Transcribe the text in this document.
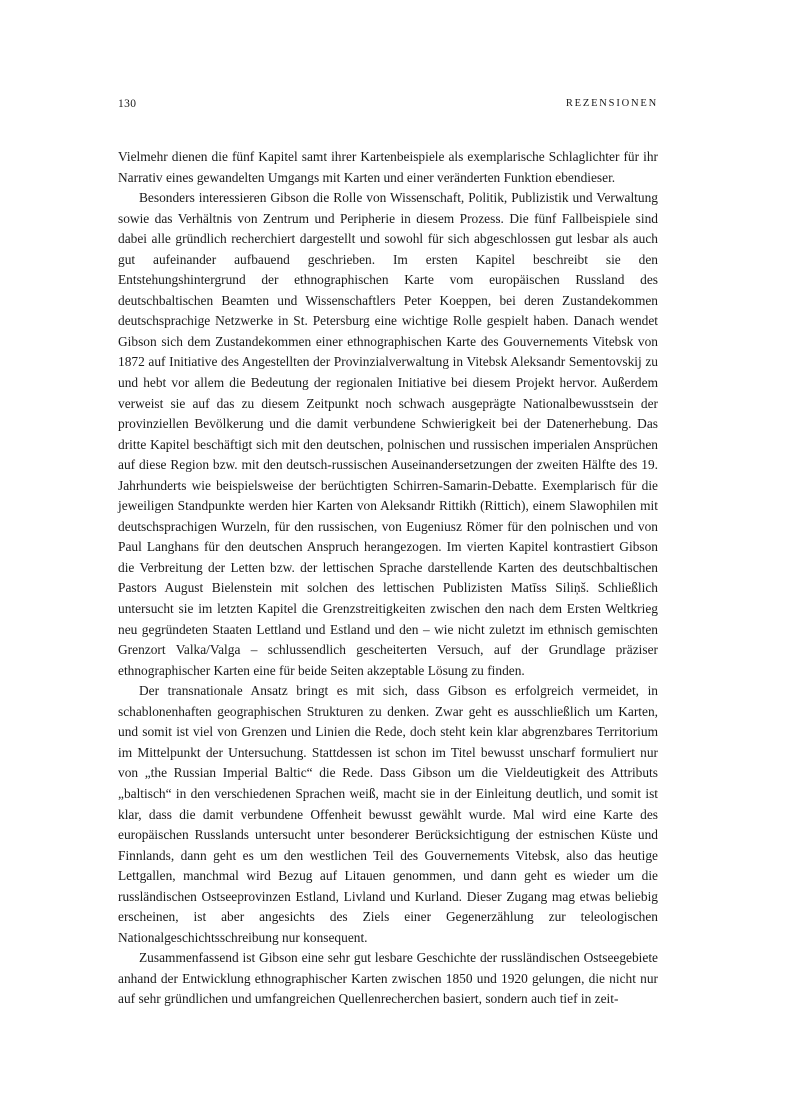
130	REZENSIONEN

Vielmehr dienen die fünf Kapitel samt ihrer Kartenbeispiele als exemplarische Schlaglichter für ihr Narrativ eines gewandelten Umgangs mit Karten und einer veränderten Funktion ebendieser.

Besonders interessieren Gibson die Rolle von Wissenschaft, Politik, Publizistik und Verwaltung sowie das Verhältnis von Zentrum und Peripherie in diesem Prozess. Die fünf Fallbeispiele sind dabei alle gründlich recherchiert dargestellt und sowohl für sich abgeschlossen gut lesbar als auch gut aufeinander aufbauend geschrieben. Im ersten Kapitel beschreibt sie den Entstehungshintergrund der ethnographischen Karte vom europäischen Russland des deutschbaltischen Beamten und Wissenschaftlers Peter Koeppen, bei deren Zustandekommen deutschsprachige Netzwerke in St. Petersburg eine wichtige Rolle gespielt haben. Danach wendet Gibson sich dem Zustandekommen einer ethnographischen Karte des Gouvernements Vitebsk von 1872 auf Initiative des Angestellten der Provinzialverwaltung in Vitebsk Aleksandr Sementovskij zu und hebt vor allem die Bedeutung der regionalen Initiative bei diesem Projekt hervor. Außerdem verweist sie auf das zu diesem Zeitpunkt noch schwach ausgeprägte Nationalbewusstsein der provinziellen Bevölkerung und die damit verbundene Schwierigkeit bei der Datenerhebung. Das dritte Kapitel beschäftigt sich mit den deutschen, polnischen und russischen imperialen Ansprüchen auf diese Region bzw. mit den deutsch-russischen Auseinandersetzungen der zweiten Hälfte des 19. Jahrhunderts wie beispielsweise der berüchtigten Schirren-Samarin-Debatte. Exemplarisch für die jeweiligen Standpunkte werden hier Karten von Aleksandr Rittikh (Rittich), einem Slawophilen mit deutschsprachigen Wurzeln, für den russischen, von Eugeniusz Römer für den polnischen und von Paul Langhans für den deutschen Anspruch herangezogen. Im vierten Kapitel kontrastiert Gibson die Verbreitung der Letten bzw. der lettischen Sprache darstellende Karten des deutschbaltischen Pastors August Bielenstein mit solchen des lettischen Publizisten Matīss Siliņš. Schließlich untersucht sie im letzten Kapitel die Grenzstreitigkeiten zwischen den nach dem Ersten Weltkrieg neu gegründeten Staaten Lettland und Estland und den – wie nicht zuletzt im ethnisch gemischten Grenzort Valka/Valga – schlussendlich gescheiterten Versuch, auf der Grundlage präziser ethnographischer Karten eine für beide Seiten akzeptable Lösung zu finden.

Der transnationale Ansatz bringt es mit sich, dass Gibson es erfolgreich vermeidet, in schablonenhaften geographischen Strukturen zu denken. Zwar geht es ausschließlich um Karten, und somit ist viel von Grenzen und Linien die Rede, doch steht kein klar abgrenzbares Territorium im Mittelpunkt der Untersuchung. Stattdessen ist schon im Titel bewusst unscharf formuliert nur von „the Russian Imperial Baltic“ die Rede. Dass Gibson um die Vieldeutigkeit des Attributs „baltisch“ in den verschiedenen Sprachen weiß, macht sie in der Einleitung deutlich, und somit ist klar, dass die damit verbundene Offenheit bewusst gewählt wurde. Mal wird eine Karte des europäischen Russlands untersucht unter besonderer Berücksichtigung der estnischen Küste und Finnlands, dann geht es um den westlichen Teil des Gouvernements Vitebsk, also das heutige Lettgallen, manchmal wird Bezug auf Litauen genommen, und dann geht es wieder um die russländischen Ostseeprovinzen Estland, Livland und Kurland. Dieser Zugang mag etwas beliebig erscheinen, ist aber angesichts des Ziels einer Gegenerzählung zur teleologischen Nationalgeschichtsschreibung nur konsequent.

Zusammenfassend ist Gibson eine sehr gut lesbare Geschichte der russländischen Ostseegebiete anhand der Entwicklung ethnographischer Karten zwischen 1850 und 1920 gelungen, die nicht nur auf sehr gründlichen und umfangreichen Quellenrecherchen basiert, sondern auch tief in zeit-
